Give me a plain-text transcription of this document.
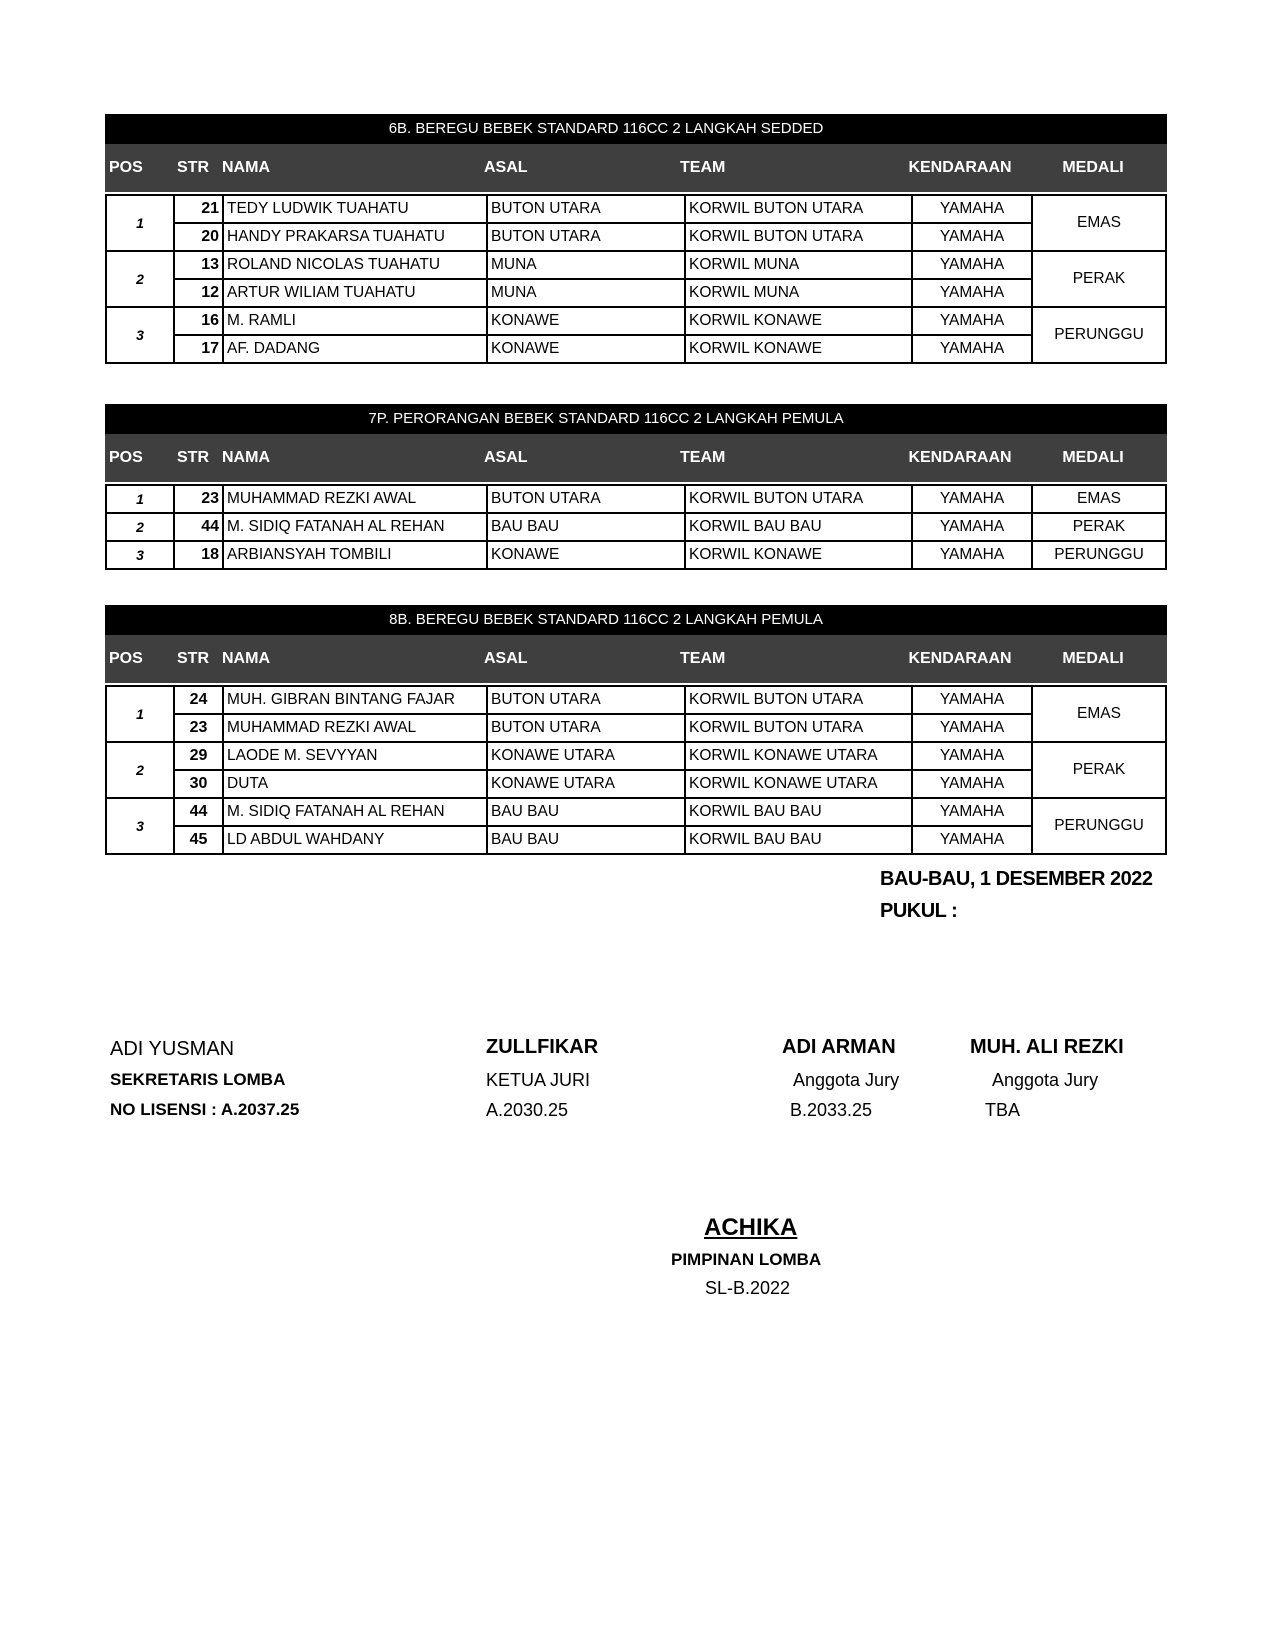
6B. BEREGU BEBEK STANDARD 116CC 2 LANGKAH SEDDED
POS	STR NAMA	ASAL	TEAM	KENDARAAN	MEDALI
1	21	TEDY LUDWIK TUAHATU	BUTON UTARA	KORWIL BUTON UTARA	YAMAHA	EMAS
	20	HANDY PRAKARSA TUAHATU	BUTON UTARA	KORWIL BUTON UTARA	YAMAHA	
2	13	ROLAND NICOLAS TUAHATU	MUNA	KORWIL MUNA	YAMAHA	PERAK
	12	ARTUR WILIAM TUAHATU	MUNA	KORWIL MUNA	YAMAHA	
3	16	M. RAMLI	KONAWE	KORWIL KONAWE	YAMAHA	PERUNGGU
	17	AF. DADANG	KONAWE	KORWIL KONAWE	YAMAHA	
7P. PERORANGAN BEBEK STANDARD 116CC 2 LANGKAH PEMULA
POS	STR NAMA	ASAL	TEAM	KENDARAAN	MEDALI
1	23	MUHAMMAD REZKI AWAL	BUTON UTARA	KORWIL BUTON UTARA	YAMAHA	EMAS
2	44	M. SIDIQ FATANAH AL REHAN	BAU BAU	KORWIL BAU BAU	YAMAHA	PERAK
3	18	ARBIANSYAH TOMBILI	KONAWE	KORWIL KONAWE	YAMAHA	PERUNGGU
8B. BEREGU BEBEK STANDARD 116CC 2 LANGKAH PEMULA
POS	STR NAMA	ASAL	TEAM	KENDARAAN	MEDALI
1	24	MUH. GIBRAN BINTANG FAJAR	BUTON UTARA	KORWIL BUTON UTARA	YAMAHA	EMAS
	23	MUHAMMAD REZKI AWAL	BUTON UTARA	KORWIL BUTON UTARA	YAMAHA	
2	29	LAODE M. SEVYYAN	KONAWE UTARA	KORWIL KONAWE UTARA	YAMAHA	PERAK
	30	DUTA	KONAWE UTARA	KORWIL KONAWE UTARA	YAMAHA	
3	44	M. SIDIQ FATANAH AL REHAN	BAU BAU	KORWIL BAU BAU	YAMAHA	PERUNGGU
	45	LD ABDUL WAHDANY	BAU BAU	KORWIL BAU BAU	YAMAHA	
BAU-BAU, 1 DESEMBER 2022
PUKUL :
ADI YUSMAN
SEKRETARIS LOMBA
NO LISENSI : A.2037.25
ZULLFIKAR
KETUA JURI
A.2030.25
ADI ARMAN
Anggota Jury
B.2033.25
MUH. ALI REZKI
Anggota Jury
TBA
ACHIKA
PIMPINAN LOMBA
SL-B.2022
